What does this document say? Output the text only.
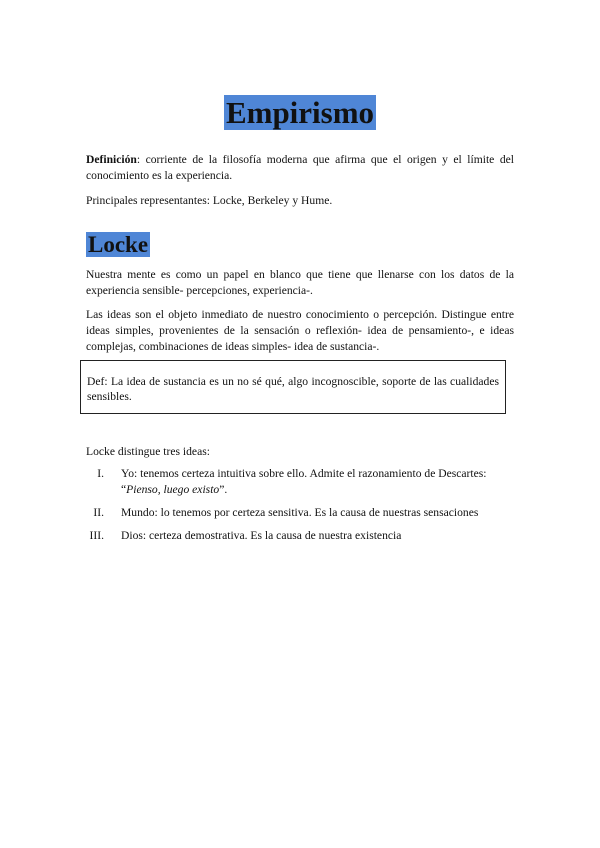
Empirismo

Definición: corriente de la filosofía moderna que afirma que el origen y el límite del conocimiento es la experiencia.

Principales representantes: Locke, Berkeley y Hume.

Locke

Nuestra mente es como un papel en blanco que tiene que llenarse con los datos de la experiencia sensible- percepciones, experiencia-.

Las ideas son el objeto inmediato de nuestro conocimiento o percepción. Distingue entre ideas simples, provenientes de la sensación o reflexión- idea de pensamiento-, e ideas complejas, combinaciones de ideas simples- idea de sustancia-.

Def: La idea de sustancia es un no sé qué, algo incognoscible, soporte de las cualidades sensibles.

Locke distingue tres ideas:

I. Yo: tenemos certeza intuitiva sobre ello. Admite el razonamiento de Descartes: “Pienso, luego existo”.
II. Mundo: lo tenemos por certeza sensitiva. Es la causa de nuestras sensaciones
III. Dios: certeza demostrativa. Es la causa de nuestra existencia
